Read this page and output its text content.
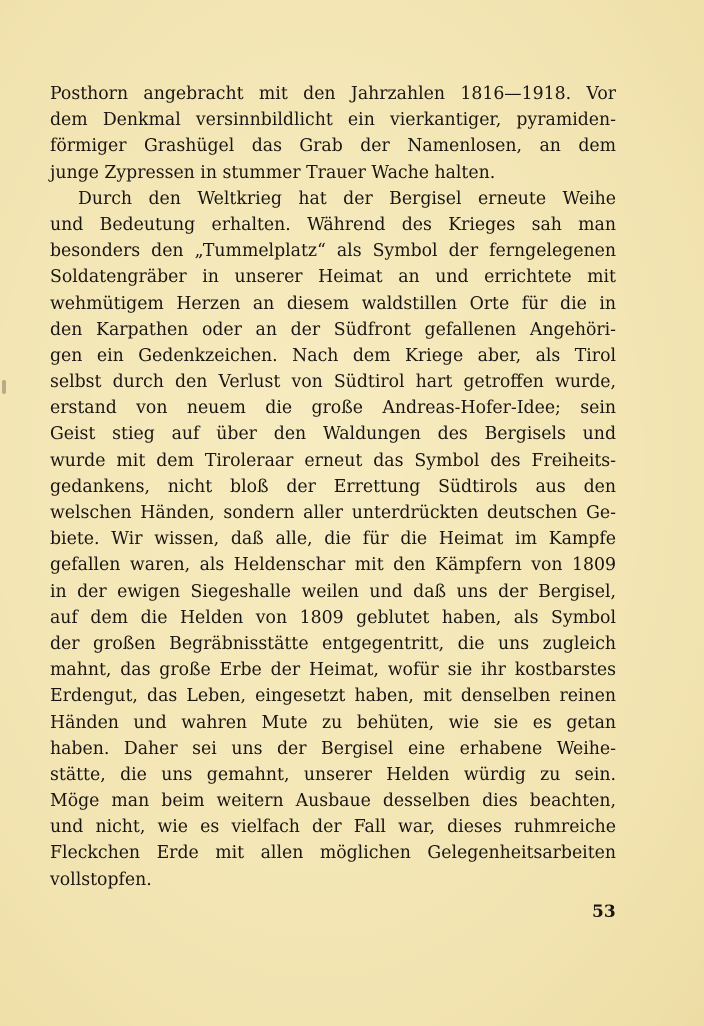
Posthorn angebracht mit den Jahrzahlen 1816—1918. Vor
dem Denkmal versinnbildlicht ein vierkantiger, pyramiden-
förmiger Grashügel das Grab der Namenlosen, an dem
junge Zypressen in stummer Trauer Wache halten.
Durch den Weltkrieg hat der Bergisel erneute Weihe
und Bedeutung erhalten. Während des Krieges sah man
besonders den „Tummelplatz“ als Symbol der ferngelegenen
Soldatengräber in unserer Heimat an und errichtete mit
wehmütigem Herzen an diesem waldstillen Orte für die in
den Karpathen oder an der Südfront gefallenen Angehöri-
gen ein Gedenkzeichen. Nach dem Kriege aber, als Tirol
selbst durch den Verlust von Südtirol hart getroffen wurde,
erstand von neuem die große Andreas-Hofer-Idee; sein
Geist stieg auf über den Waldungen des Bergisels und
wurde mit dem Tiroleraar erneut das Symbol des Freiheits-
gedankens, nicht bloß der Errettung Südtirols aus den
welschen Händen, sondern aller unterdrückten deutschen Ge-
biete. Wir wissen, daß alle, die für die Heimat im Kampfe
gefallen waren, als Heldenschar mit den Kämpfern von 1809
in der ewigen Siegeshalle weilen und daß uns der Bergisel,
auf dem die Helden von 1809 geblutet haben, als Symbol
der großen Begräbnisstätte entgegentritt, die uns zugleich
mahnt, das große Erbe der Heimat, wofür sie ihr kostbarstes
Erdengut, das Leben, eingesetzt haben, mit denselben reinen
Händen und wahren Mute zu behüten, wie sie es getan
haben. Daher sei uns der Bergisel eine erhabene Weihe-
stätte, die uns gemahnt, unserer Helden würdig zu sein.
Möge man beim weitern Ausbaue desselben dies beachten,
und nicht, wie es vielfach der Fall war, dieses ruhmreiche
Fleckchen Erde mit allen möglichen Gelegenheitsarbeiten
vollstopfen.
53
